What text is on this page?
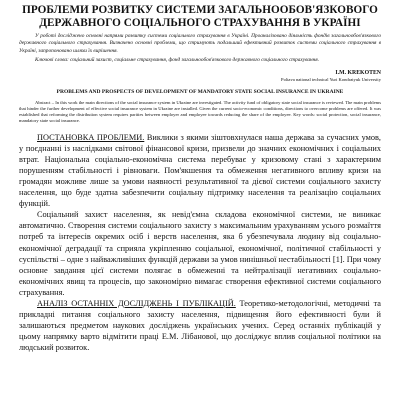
ПРОБЛЕМИ РОЗВИТКУ СИСТЕМИ ЗАГАЛЬНООБОВ'ЯЗКОВОГО ДЕРЖАВНОГО СОЦІАЛЬНОГО СТРАХУВАННЯ В УКРАЇНІ

У роботі досліджено основні напрями розвитку системи соціального страхування в Україні. Проаналізовано діяльність фондів загальнообов'язкового державного соціального страхування. Визначено основні проблеми, що стримують подальший ефективний розвиток системи соціального страхування в Україні, запропоновано шляхи їх вирішення.

Ключові слова: соціальний захист, соціальне страхування, фонд загальнообов'язкового державного соціального страхування.

I.M. KREKOTEN

Poltava national technical Yuri Kondratyuk University

PROBLEMS AND PROSPECTS OF DEVELOPMENT OF MANDATORY STATE SOCIAL INSURANCE IN UKRAINE

Abstract – In this work the main directions of the social insurance system in Ukraine are investigated. The activity fund of obligatory state social insurance is reviewed. The main problems that hinder the further development of effective social insurance system in Ukraine are installed. Given the current socio-economic conditions, directions to overcome problems are offered. It was established that reforming the distribution system requires parities between employer and employee towards reducing the share of the employee. Key words: social protection, social insurance, mandatory state social insurance.

ПОСТАНОВКА ПРОБЛЕМИ. Виклики з якими зіштовхнулася наша держава за сучасних умов, у поєднанні із наслідками світової фінансової кризи, призвели до значних економічних і соціальних втрат. Національна соціально-економічна система перебуває у кризовому стані з характерним порушенням стабільності і рівноваги. Пом'якшення та обмеження негативного впливу кризи на громадян можливе лише за умови наявності результативної та дієвої системи соціального захисту населення, що буде здатна забезпечити соціальну підтримку населення та реалізацію соціальних функцій.

Соціальний захист населення, як невід'ємна складова економічної системи, не виникає автоматично. Створення системи соціального захисту з максимальним урахуванням усього розмаїття потреб та інтересів окремих осіб і верств населення, яка б убезпечувала людину від соціально-економічної деградації та сприяла укріпленню соціальної, економічної, політичної стабільності у суспільстві – одне з найважливіших функцій держави за умов нинішньої нестабільності [1]. При чому основне завдання цієї системи полягає в обмеженні та нейтралізації негативних соціально-економічних явищ та процесів, що закономірно вимагає створення ефективної системи соціального страхування.

АНАЛІЗ ОСТАННІХ ДОСЛІДЖЕНЬ І ПУБЛІКАЦІЙ. Теоретико-методологічні, методичні та прикладні питання соціального захисту населення, підвищення його ефективності були й залишаються предметом наукових досліджень українських учених. Серед останніх публікацій у цьому напрямку варто відмітити праці Е.М. Лібанової, що досліджує вплив соціальної політики на людський розвиток.
